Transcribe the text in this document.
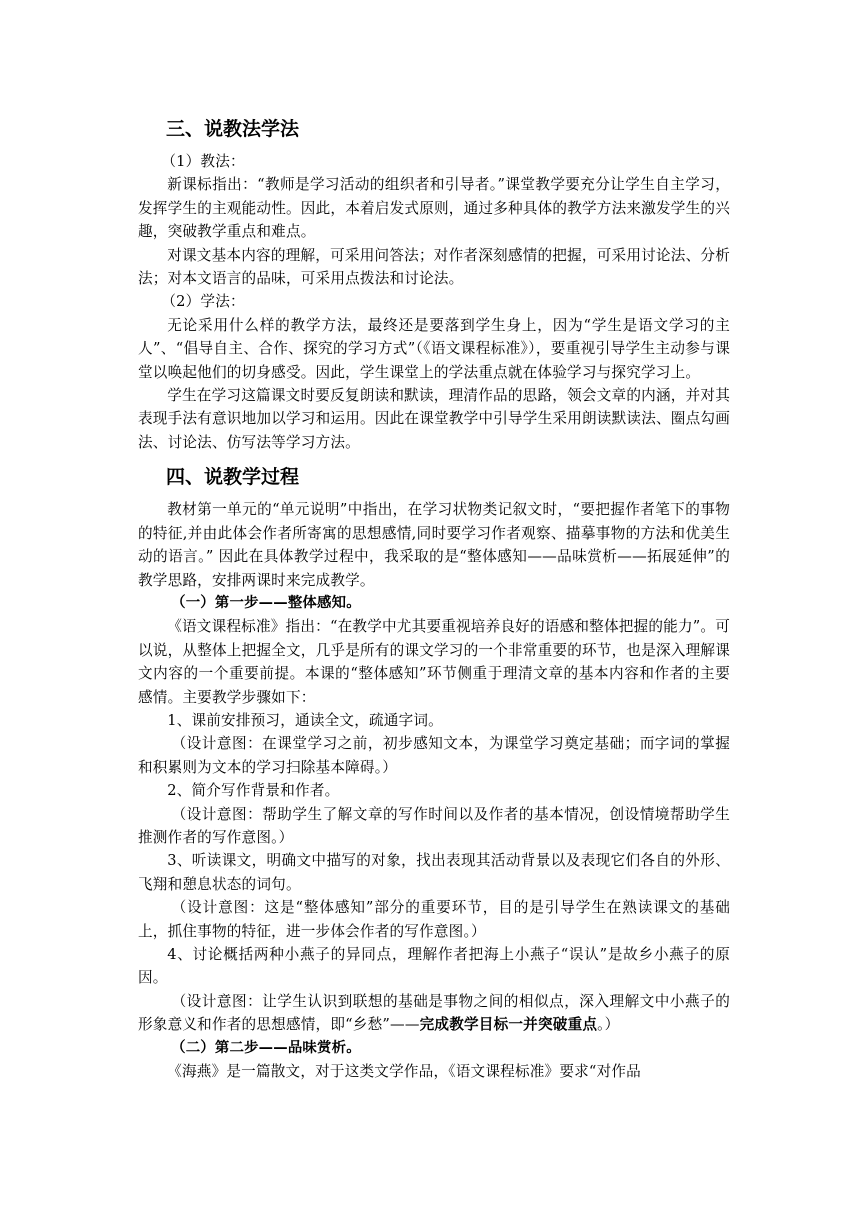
三、说教法学法

（1）教法：

新课标指出：“教师是学习活动的组织者和引导者。”课堂教学要充分让学生自主学习，发挥学生的主观能动性。因此，本着启发式原则，通过多种具体的教学方法来激发学生的兴趣，突破教学重点和难点。

对课文基本内容的理解，可采用问答法；对作者深刻感情的把握，可采用讨论法、分析法；对本文语言的品味，可采用点拨法和讨论法。

（2）学法：

无论采用什么样的教学方法，最终还是要落到学生身上，因为“学生是语文学习的主人”、“倡导自主、合作、探究的学习方式”（《语文课程标准》），要重视引导学生主动参与课堂以唤起他们的切身感受。因此，学生课堂上的学法重点就在体验学习与探究学习上。

学生在学习这篇课文时要反复朗读和默读，理清作品的思路，领会文章的内涵，并对其表现手法有意识地加以学习和运用。因此在课堂教学中引导学生采用朗读默读法、圈点勾画法、讨论法、仿写法等学习方法。

四、说教学过程

教材第一单元的“单元说明”中指出，在学习状物类记叙文时，“要把握作者笔下的事物的特征,并由此体会作者所寄寓的思想感情,同时要学习作者观察、描摹事物的方法和优美生动的语言。” 因此在具体教学过程中，我采取的是“整体感知——品味赏析——拓展延伸”的教学思路，安排两课时来完成教学。

（一）第一步——整体感知。

《语文课程标准》指出：“在教学中尤其要重视培养良好的语感和整体把握的能力”。可以说，从整体上把握全文，几乎是所有的课文学习的一个非常重要的环节，也是深入理解课文内容的一个重要前提。本课的“整体感知”环节侧重于理清文章的基本内容和作者的主要感情。主要教学步骤如下：

1、课前安排预习，通读全文，疏通字词。

（设计意图：在课堂学习之前，初步感知文本，为课堂学习奠定基础；而字词的掌握和积累则为文本的学习扫除基本障碍。）

2、简介写作背景和作者。

（设计意图：帮助学生了解文章的写作时间以及作者的基本情况，创设情境帮助学生推测作者的写作意图。）

3、听读课文，明确文中描写的对象，找出表现其活动背景以及表现它们各自的外形、飞翔和憩息状态的词句。

（设计意图：这是“整体感知”部分的重要环节，目的是引导学生在熟读课文的基础上，抓住事物的特征，进一步体会作者的写作意图。）

4、讨论概括两种小燕子的异同点，理解作者把海上小燕子“误认”是故乡小燕子的原因。

（设计意图：让学生认识到联想的基础是事物之间的相似点，深入理解文中小燕子的形象意义和作者的思想感情，即“乡愁”——完成教学目标一并突破重点。）

（二）第二步——品味赏析。

《海燕》是一篇散文，对于这类文学作品，《语文课程标准》要求“对作品
